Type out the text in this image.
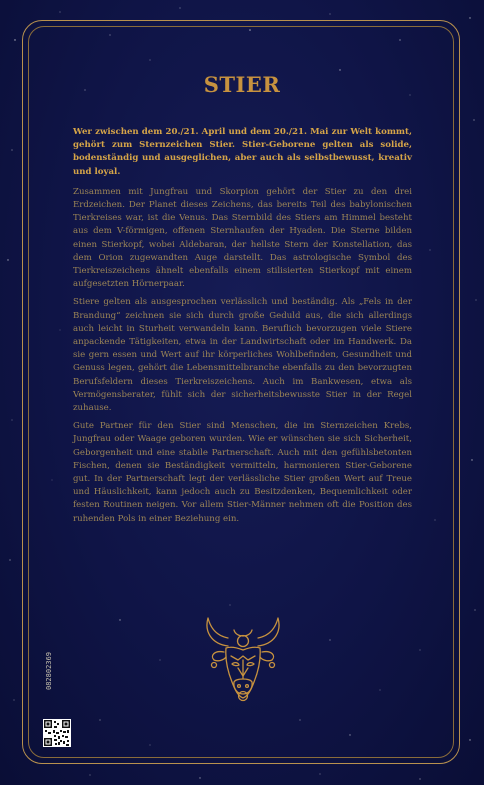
STIER

Wer zwischen dem 20./21. April und dem 20./21. Mai zur Welt kommt, gehört zum Sternzeichen Stier. Stier-Geborene gelten als solide, bodenständig und ausgeglichen, aber auch als selbstbewusst, kreativ und loyal.

Zusammen mit Jungfrau und Skorpion gehört der Stier zu den drei Erdzeichen. Der Planet dieses Zeichens, das bereits Teil des babylonischen Tierkreises war, ist die Venus. Das Sternbild des Stiers am Himmel besteht aus dem V-förmigen, offenen Sternhaufen der Hyaden. Die Sterne bilden einen Stierkopf, wobei Aldebaran, der hellste Stern der Konstellation, das dem Orion zugewandten Auge darstellt. Das astrologische Symbol des Tierkreiszeichens ähnelt ebenfalls einem stilisierten Stierkopf mit einem aufgesetzten Hörnerpaar.

Stiere gelten als ausgesprochen verlässlich und beständig. Als „Fels in der Brandung“ zeichnen sie sich durch große Geduld aus, die sich allerdings auch leicht in Sturheit verwandeln kann. Beruflich bevorzugen viele Stiere anpackende Tätigkeiten, etwa in der Landwirtschaft oder im Handwerk. Da sie gern essen und Wert auf ihr körperliches Wohlbefinden, Gesundheit und Genuss legen, gehört die Lebensmittelbranche ebenfalls zu den bevorzugten Berufsfeldern dieses Tierkreiszeichens. Auch im Bankwesen, etwa als Vermögensberater, fühlt sich der sicherheitsbewusste Stier in der Regel zuhause.

Gute Partner für den Stier sind Menschen, die im Sternzeichen Krebs, Jungfrau oder Waage geboren wurden. Wie er wünschen sie sich Sicherheit, Geborgenheit und eine stabile Partnerschaft. Auch mit den gefühlsbetonten Fischen, denen sie Beständigkeit vermitteln, harmonieren Stier-Geborene gut. In der Partnerschaft legt der verlässliche Stier großen Wert auf Treue und Häuslichkeit, kann jedoch auch zu Besitzdenken, Bequemlichkeit oder festen Routinen neigen. Vor allem Stier-Männer nehmen oft die Position des ruhenden Pols in einer Beziehung ein.

082802369
